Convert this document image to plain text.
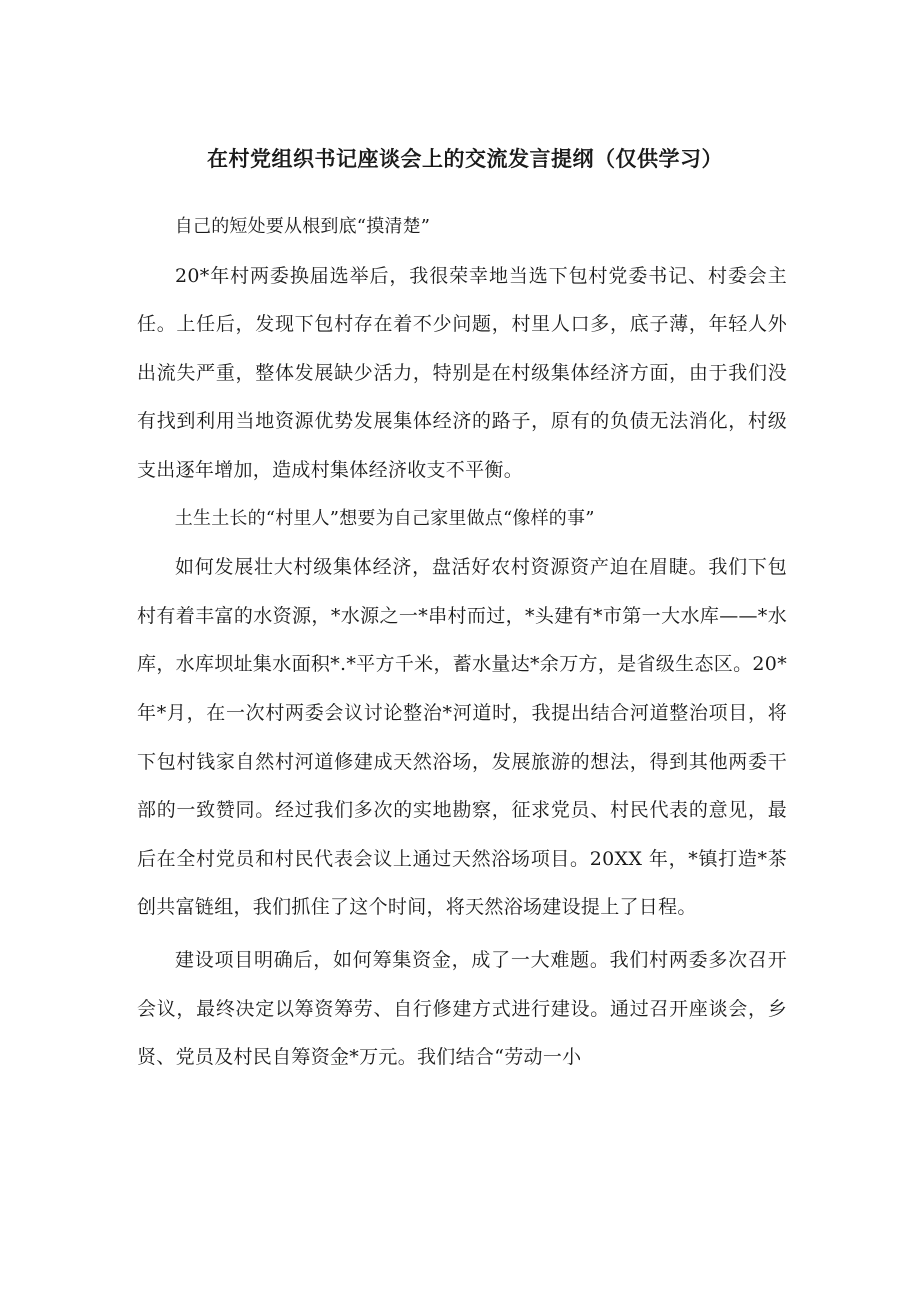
在村党组织书记座谈会上的交流发言提纲（仅供学习）

自己的短处要从根到底“摸清楚”

20*年村两委换届选举后，我很荣幸地当选下包村党委书记、村委会主任。上任后，发现下包村存在着不少问题，村里人口多，底子薄，年轻人外出流失严重，整体发展缺少活力，特别是在村级集体经济方面，由于我们没有找到利用当地资源优势发展集体经济的路子，原有的负债无法消化，村级支出逐年增加，造成村集体经济收支不平衡。

土生土长的“村里人”想要为自己家里做点“像样的事”

如何发展壮大村级集体经济，盘活好农村资源资产迫在眉睫。我们下包村有着丰富的水资源，*水源之一*串村而过，*头建有*市第一大水库——*水库，水库坝址集水面积*.*平方千米，蓄水量达*余万方，是省级生态区。20*年*月，在一次村两委会议讨论整治*河道时，我提出结合河道整治项目，将下包村钱家自然村河道修建成天然浴场，发展旅游的想法，得到其他两委干部的一致赞同。经过我们多次的实地勘察，征求党员、村民代表的意见，最后在全村党员和村民代表会议上通过天然浴场项目。20XX 年，*镇打造*茶创共富链组，我们抓住了这个时间，将天然浴场建设提上了日程。

建设项目明确后，如何筹集资金，成了一大难题。我们村两委多次召开会议，最终决定以筹资筹劳、自行修建方式进行建设。通过召开座谈会，乡贤、党员及村民自筹资金*万元。我们结合“劳动一小
